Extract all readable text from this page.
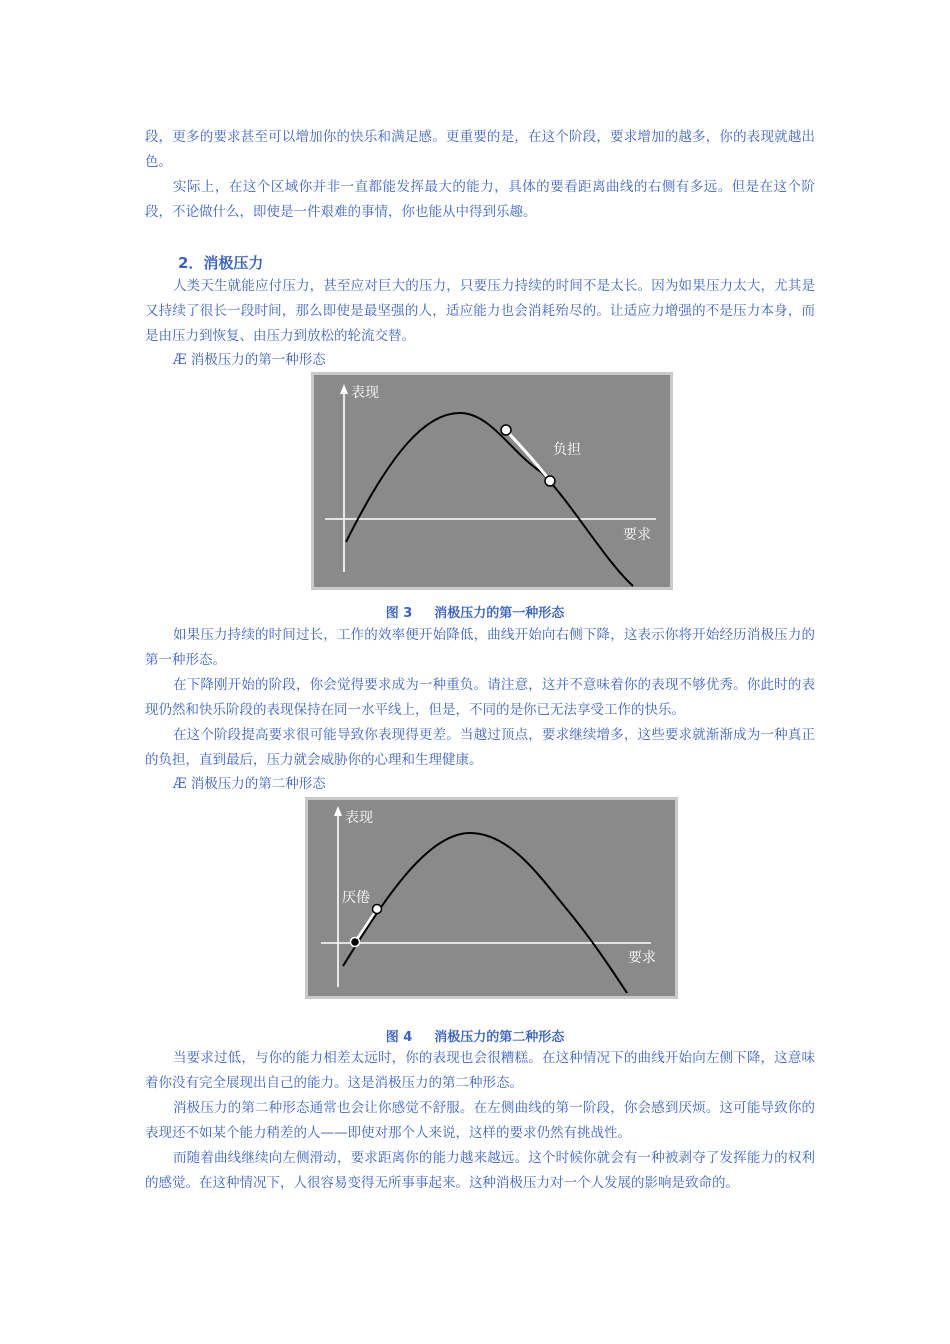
段，更多的要求甚至可以增加你的快乐和满足感。更重要的是，在这个阶段，要求增加的越多，你的表现就越出色。

实际上，在这个区域你并非一直都能发挥最大的能力，具体的要看距离曲线的右侧有多远。但是在这个阶段，不论做什么，即使是一件艰难的事情，你也能从中得到乐趣。

2．消极压力

人类天生就能应付压力，甚至应对巨大的压力，只要压力持续的时间不是太长。因为如果压力太大，尤其是又持续了很长一段时间，那么即使是最坚强的人，适应能力也会消耗殆尽的。让适应力增强的不是压力本身，而是由压力到恢复、由压力到放松的轮流交替。

Æ 消极压力的第一种形态

表现
要求
负担

图 3 消极压力的第一种形态

如果压力持续的时间过长，工作的效率便开始降低，曲线开始向右侧下降，这表示你将开始经历消极压力的第一种形态。

在下降刚开始的阶段，你会觉得要求成为一种重负。请注意，这并不意味着你的表现不够优秀。你此时的表现仍然和快乐阶段的表现保持在同一水平线上，但是，不同的是你已无法享受工作的快乐。

在这个阶段提高要求很可能导致你表现得更差。当越过顶点，要求继续增多，这些要求就渐渐成为一种真正的负担，直到最后，压力就会威胁你的心理和生理健康。

Æ 消极压力的第二种形态

表现
要求
厌倦

图 4 消极压力的第二种形态

当要求过低，与你的能力相差太远时，你的表现也会很糟糕。在这种情况下的曲线开始向左侧下降，这意味着你没有完全展现出自己的能力。这是消极压力的第二种形态。

消极压力的第二种形态通常也会让你感觉不舒服。在左侧曲线的第一阶段，你会感到厌烦。这可能导致你的表现还不如某个能力稍差的人——即使对那个人来说，这样的要求仍然有挑战性。

而随着曲线继续向左侧滑动，要求距离你的能力越来越远。这个时候你就会有一种被剥夺了发挥能力的权利的感觉。在这种情况下，人很容易变得无所事事起来。这种消极压力对一个人发展的影响是致命的。
